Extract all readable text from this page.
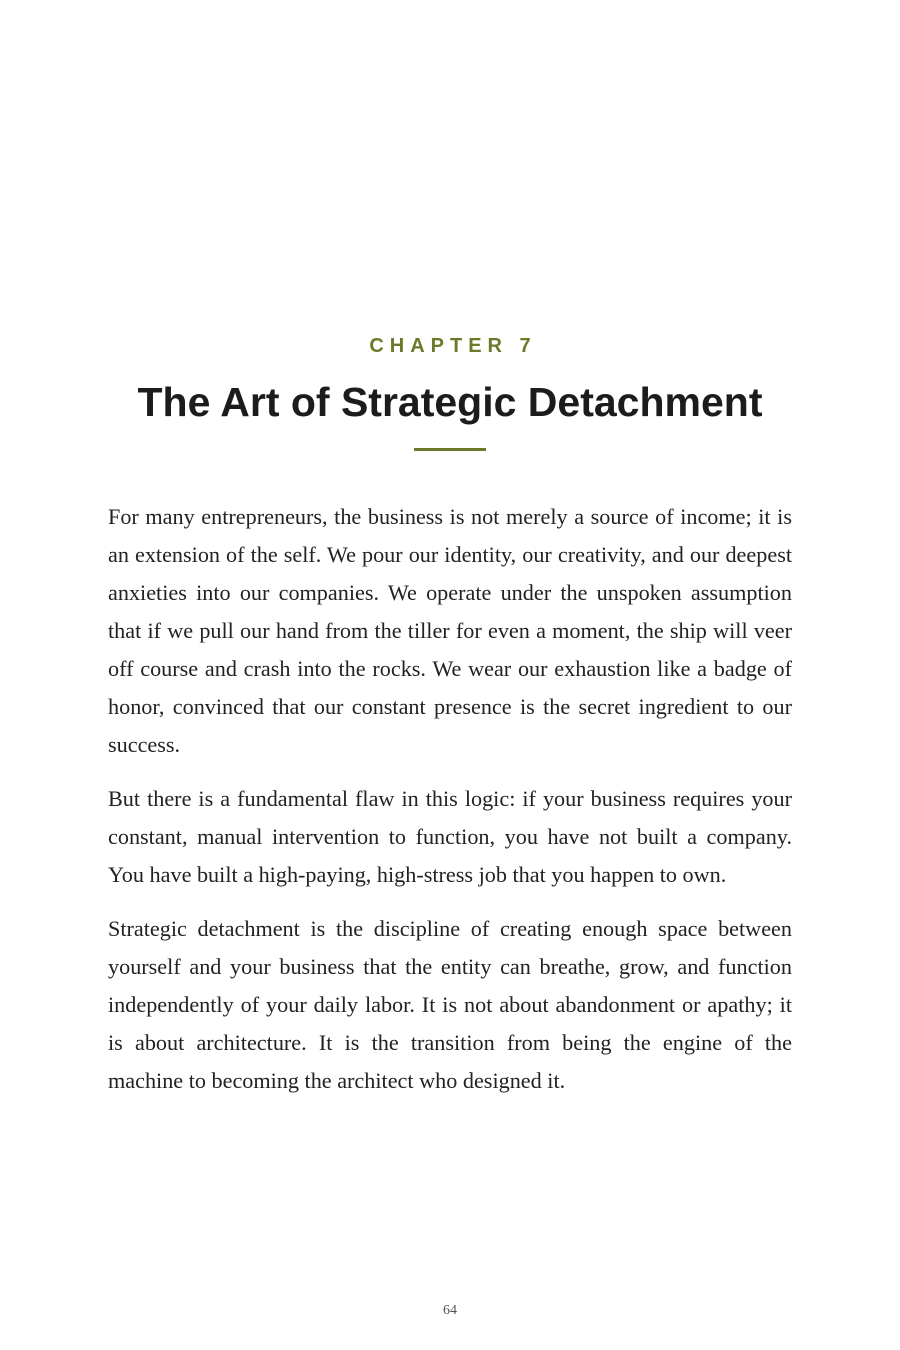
CHAPTER 7
The Art of Strategic Detachment

For many entrepreneurs, the business is not merely a source of income; it is an extension of the self. We pour our identity, our creativity, and our deepest anxieties into our companies. We operate under the unspoken assumption that if we pull our hand from the tiller for even a moment, the ship will veer off course and crash into the rocks. We wear our exhaustion like a badge of honor, convinced that our constant presence is the secret ingredient to our success.

But there is a fundamental flaw in this logic: if your business requires your constant, manual intervention to function, you have not built a company. You have built a high-paying, high-stress job that you happen to own.

Strategic detachment is the discipline of creating enough space between yourself and your business that the entity can breathe, grow, and function independently of your daily labor. It is not about abandonment or apathy; it is about architecture. It is the transition from being the engine of the machine to becoming the architect who designed it.

64
